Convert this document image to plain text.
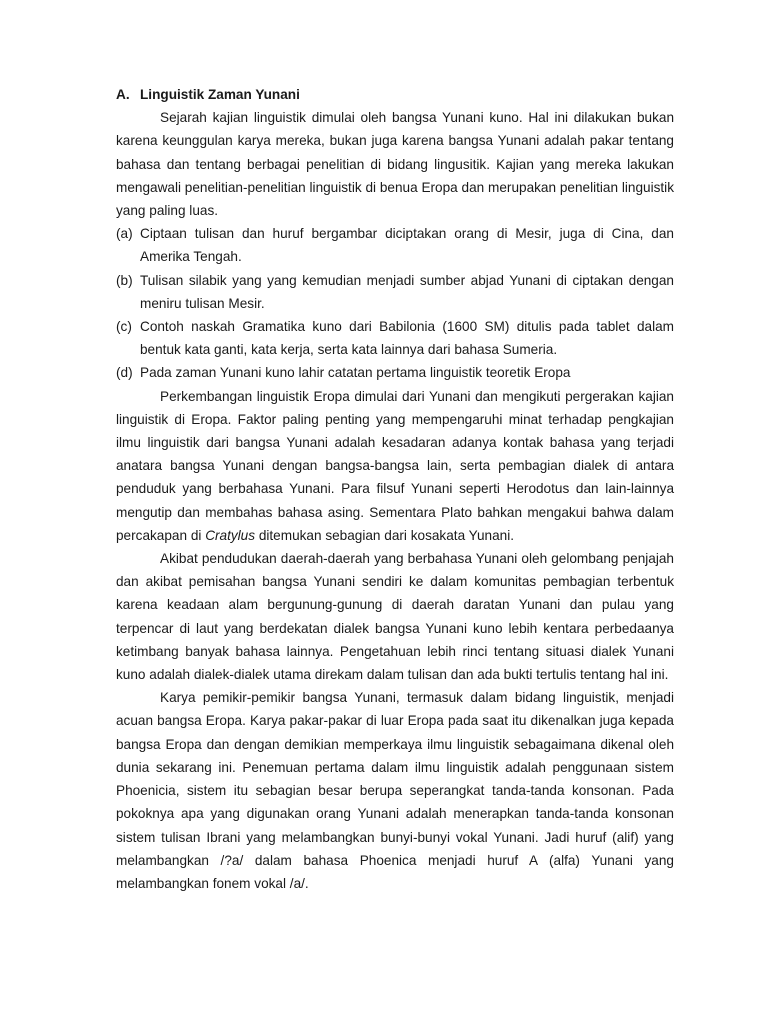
A. Linguistik Zaman Yunani

Sejarah kajian linguistik dimulai oleh bangsa Yunani kuno. Hal ini dilakukan bukan karena keunggulan karya mereka, bukan juga karena bangsa Yunani adalah pakar tentang bahasa dan tentang berbagai penelitian di bidang lingusitik. Kajian yang mereka lakukan mengawali penelitian-penelitian linguistik di benua Eropa dan merupakan penelitian linguistik yang paling luas.

(a) Ciptaan tulisan dan huruf bergambar diciptakan orang di Mesir, juga di Cina, dan Amerika Tengah.
(b) Tulisan silabik yang yang kemudian menjadi sumber abjad Yunani di ciptakan dengan meniru tulisan Mesir.
(c) Contoh naskah Gramatika kuno dari Babilonia (1600 SM) ditulis pada tablet dalam bentuk kata ganti, kata kerja, serta kata lainnya dari bahasa Sumeria.
(d) Pada zaman Yunani kuno lahir catatan pertama linguistik teoretik Eropa

Perkembangan linguistik Eropa dimulai dari Yunani dan mengikuti pergerakan kajian linguistik di Eropa. Faktor paling penting yang mempengaruhi minat terhadap pengkajian ilmu linguistik dari bangsa Yunani adalah kesadaran adanya kontak bahasa yang terjadi anatara bangsa Yunani dengan bangsa-bangsa lain, serta pembagian dialek di antara penduduk yang berbahasa Yunani. Para filsuf Yunani seperti Herodotus dan lain-lainnya mengutip dan membahas bahasa asing. Sementara Plato bahkan mengakui bahwa dalam percakapan di Cratylus ditemukan sebagian dari kosakata Yunani.

Akibat pendudukan daerah-daerah yang berbahasa Yunani oleh gelombang penjajah dan akibat pemisahan bangsa Yunani sendiri ke dalam komunitas pembagian terbentuk karena keadaan alam bergunung-gunung di daerah daratan Yunani dan pulau yang terpencar di laut yang berdekatan dialek bangsa Yunani kuno lebih kentara perbedaanya ketimbang banyak bahasa lainnya. Pengetahuan lebih rinci tentang situasi dialek Yunani kuno adalah dialek-dialek utama direkam dalam tulisan dan ada bukti tertulis tentang hal ini.

Karya pemikir-pemikir bangsa Yunani, termasuk dalam bidang linguistik, menjadi acuan bangsa Eropa. Karya pakar-pakar di luar Eropa pada saat itu dikenalkan juga kepada bangsa Eropa dan dengan demikian memperkaya ilmu linguistik sebagaimana dikenal oleh dunia sekarang ini. Penemuan pertama dalam ilmu linguistik adalah penggunaan sistem Phoenicia, sistem itu sebagian besar berupa seperangkat tanda-tanda konsonan. Pada pokoknya apa yang digunakan orang Yunani adalah menerapkan tanda-tanda konsonan sistem tulisan Ibrani yang melambangkan bunyi-bunyi vokal Yunani. Jadi huruf (alif) yang melambangkan /?a/ dalam bahasa Phoenica menjadi huruf A (alfa) Yunani yang melambangkan fonem vokal /a/.
